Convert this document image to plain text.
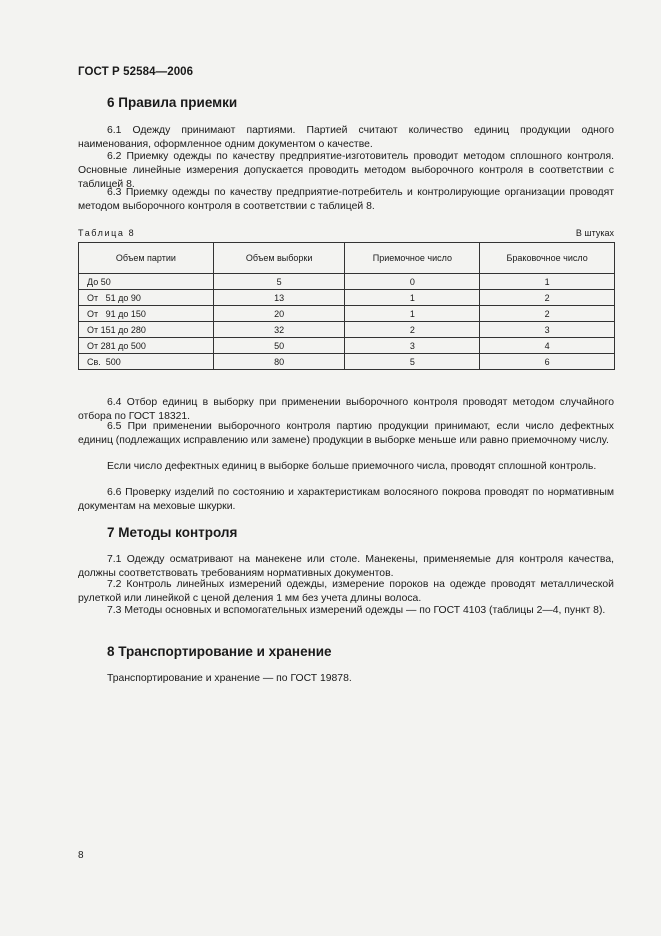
ГОСТ Р 52584—2006
6 Правила приемки
6.1 Одежду принимают партиями. Партией считают количество единиц продукции одного наименования, оформленное одним документом о качестве.
6.2 Приемку одежды по качеству предприятие-изготовитель проводит методом сплошного контроля. Основные линейные измерения допускается проводить методом выборочного контроля в соответствии с таблицей 8.
6.3 Приемку одежды по качеству предприятие-потребитель и контролирующие организации проводят методом выборочного контроля в соответствии с таблицей 8.
Таблица 8	В штуках
Объем партии	Объем выборки	Приемочное число	Браковочное число
До 50	5	0	1
От   51 до 90	13	1	2
От   91 до 150	20	1	2
От 151 до 280	32	2	3
От 281 до 500	50	3	4
Св.  500	80	5	6
6.4 Отбор единиц в выборку при применении выборочного контроля проводят методом случайного отбора по ГОСТ 18321.
6.5 При применении выборочного контроля партию продукции принимают, если число дефектных единиц (подлежащих исправлению или замене) продукции в выборке меньше или равно приемочному числу.
Если число дефектных единиц в выборке больше приемочного числа, проводят сплошной контроль.
6.6 Проверку изделий по состоянию и характеристикам волосяного покрова проводят по нормативным документам на меховые шкурки.
7 Методы контроля
7.1 Одежду осматривают на манекене или столе. Манекены, применяемые для контроля качества, должны соответствовать требованиям нормативных документов.
7.2 Контроль линейных измерений одежды, измерение пороков на одежде проводят металлической рулеткой или линейкой с ценой деления 1 мм без учета длины волоса.
7.3 Методы основных и вспомогательных измерений одежды — по ГОСТ 4103 (таблицы 2—4, пункт 8).
8 Транспортирование и хранение
Транспортирование и хранение — по ГОСТ 19878.
8
